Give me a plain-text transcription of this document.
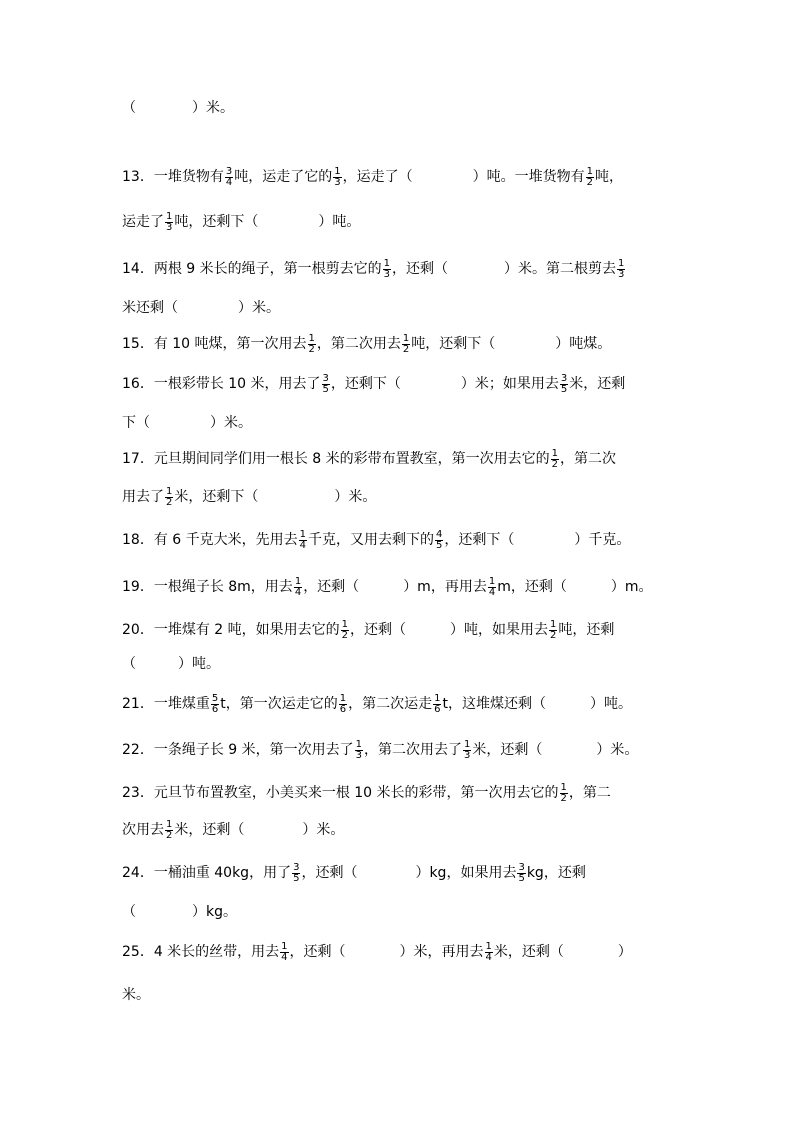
（　　　　）米。
13．一堆货物有 $\frac{3}{4}$ 吨，运走了它的 $\frac{1}{3}$ ，运走了（	）吨。一堆货物有 $\frac{1}{2}$ 吨，
运走了 $\frac{1}{3}$ 吨，还剩下（	）吨。
14．两根 9 米长的绳子，第一根剪去它的 $\frac{1}{3}$ ，还剩（	）米。第二根剪去 $\frac{1}{3}$
米还剩（	）米。
15．有 10 吨煤，第一次用去 $\frac{1}{2}$ ，第二次用去 $\frac{1}{2}$ 吨，还剩下（	）吨煤。
16．一根彩带长 10 米，用去了 $\frac{3}{5}$ ，还剩下（	）米；如果用去 $\frac{3}{5}$ 米，还剩
下（	）米。
17．元旦期间同学们用一根长 8 米的彩带布置教室，第一次用去它的 $\frac{1}{2}$ ，第二次
用去了 $\frac{1}{2}$ 米，还剩下（	）米。
18．有 6 千克大米，先用去 $\frac{1}{4}$ 千克，又用去剩下的 $\frac{4}{5}$ ，还剩下（	）千克。
19．一根绳子长 8m，用去 $\frac{1}{4}$ ，还剩（	）m，再用去 $\frac{1}{4}$ m，还剩（	）m。
20．一堆煤有 2 吨，如果用去它的 $\frac{1}{2}$ ，还剩（	）吨，如果用去 $\frac{1}{2}$ 吨，还剩
（　　　）吨。
21．一堆煤重 $\frac{5}{6}$ t，第一次运走它的 $\frac{1}{6}$ ，第二次运走 $\frac{1}{6}$ t，这堆煤还剩（	）吨。
22．一条绳子长 9 米，第一次用去了 $\frac{1}{3}$ ，第二次用去了 $\frac{1}{3}$ 米，还剩（	）米。
23．元旦节布置教室，小美买来一根 10 米长的彩带，第一次用去它的 $\frac{1}{2}$ ，第二
次用去 $\frac{1}{2}$ 米，还剩（	）米。
24．一桶油重 40kg，用了 $\frac{3}{5}$ ，还剩（	）kg，如果用去 $\frac{3}{5}$ kg，还剩
（　　　　）kg。
25．4 米长的丝带，用去 $\frac{1}{4}$ ，还剩（	）米，再用去 $\frac{1}{4}$ 米，还剩（	）
米。
